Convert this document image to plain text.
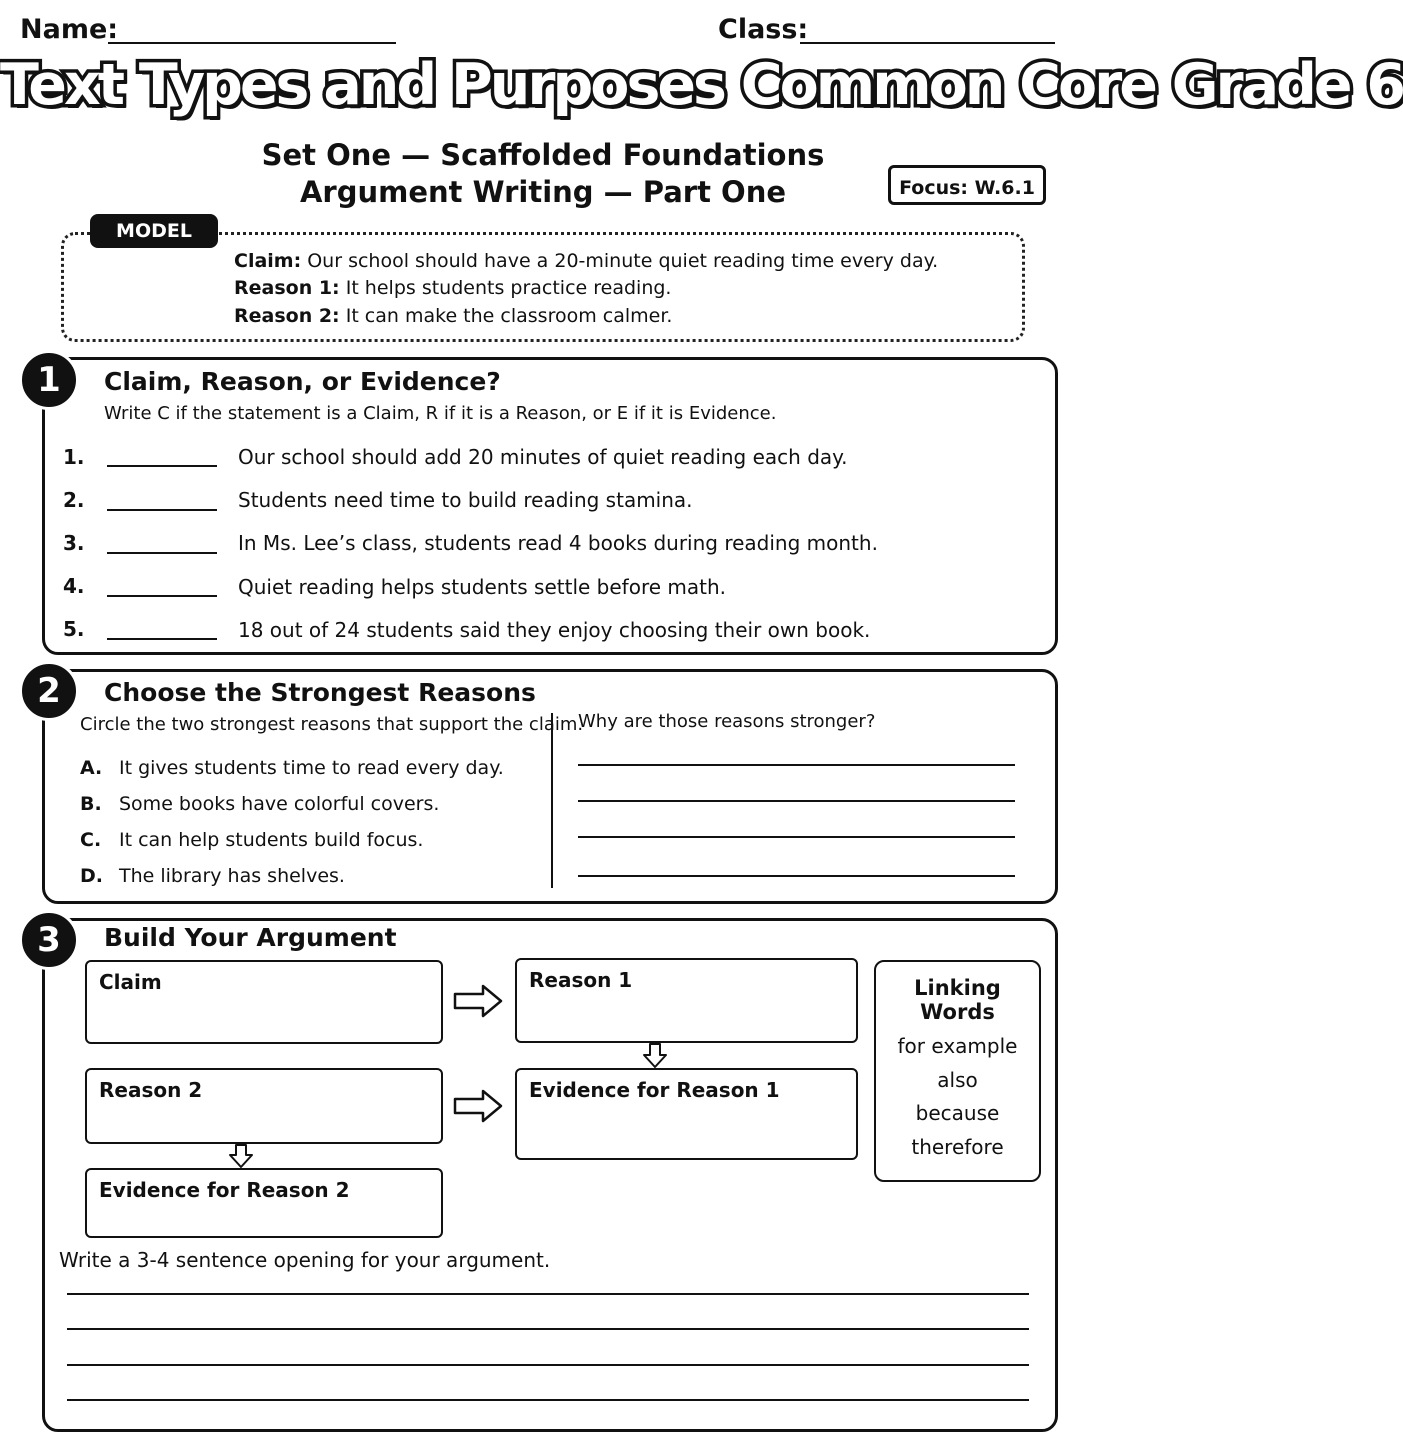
Name:	Class:
Text Types and Purposes Common Core Grade 6
Set One — Scaffolded Foundations
Argument Writing — Part One	Focus: W.6.1
MODEL
Claim: Our school should have a 20-minute quiet reading time every day.
Reason 1: It helps students practice reading.
Reason 2: It can make the classroom calmer.
1	Claim, Reason, or Evidence?
Write C if the statement is a Claim, R if it is a Reason, or E if it is Evidence.
1.	Our school should add 20 minutes of quiet reading each day.
2.	Students need time to build reading stamina.
3.	In Ms. Lee’s class, students read 4 books during reading month.
4.	Quiet reading helps students settle before math.
5.	18 out of 24 students said they enjoy choosing their own book.
2	Choose the Strongest Reasons
Circle the two strongest reasons that support the claim.
A. It gives students time to read every day.
B. Some books have colorful covers.
C. It can help students build focus.
D. The library has shelves.
Why are those reasons stronger?
3	Build Your Argument
Claim	Reason 1
Reason 2	Evidence for Reason 1
Evidence for Reason 2
Linking Words
for example
also
because
therefore
Write a 3-4 sentence opening for your argument.
